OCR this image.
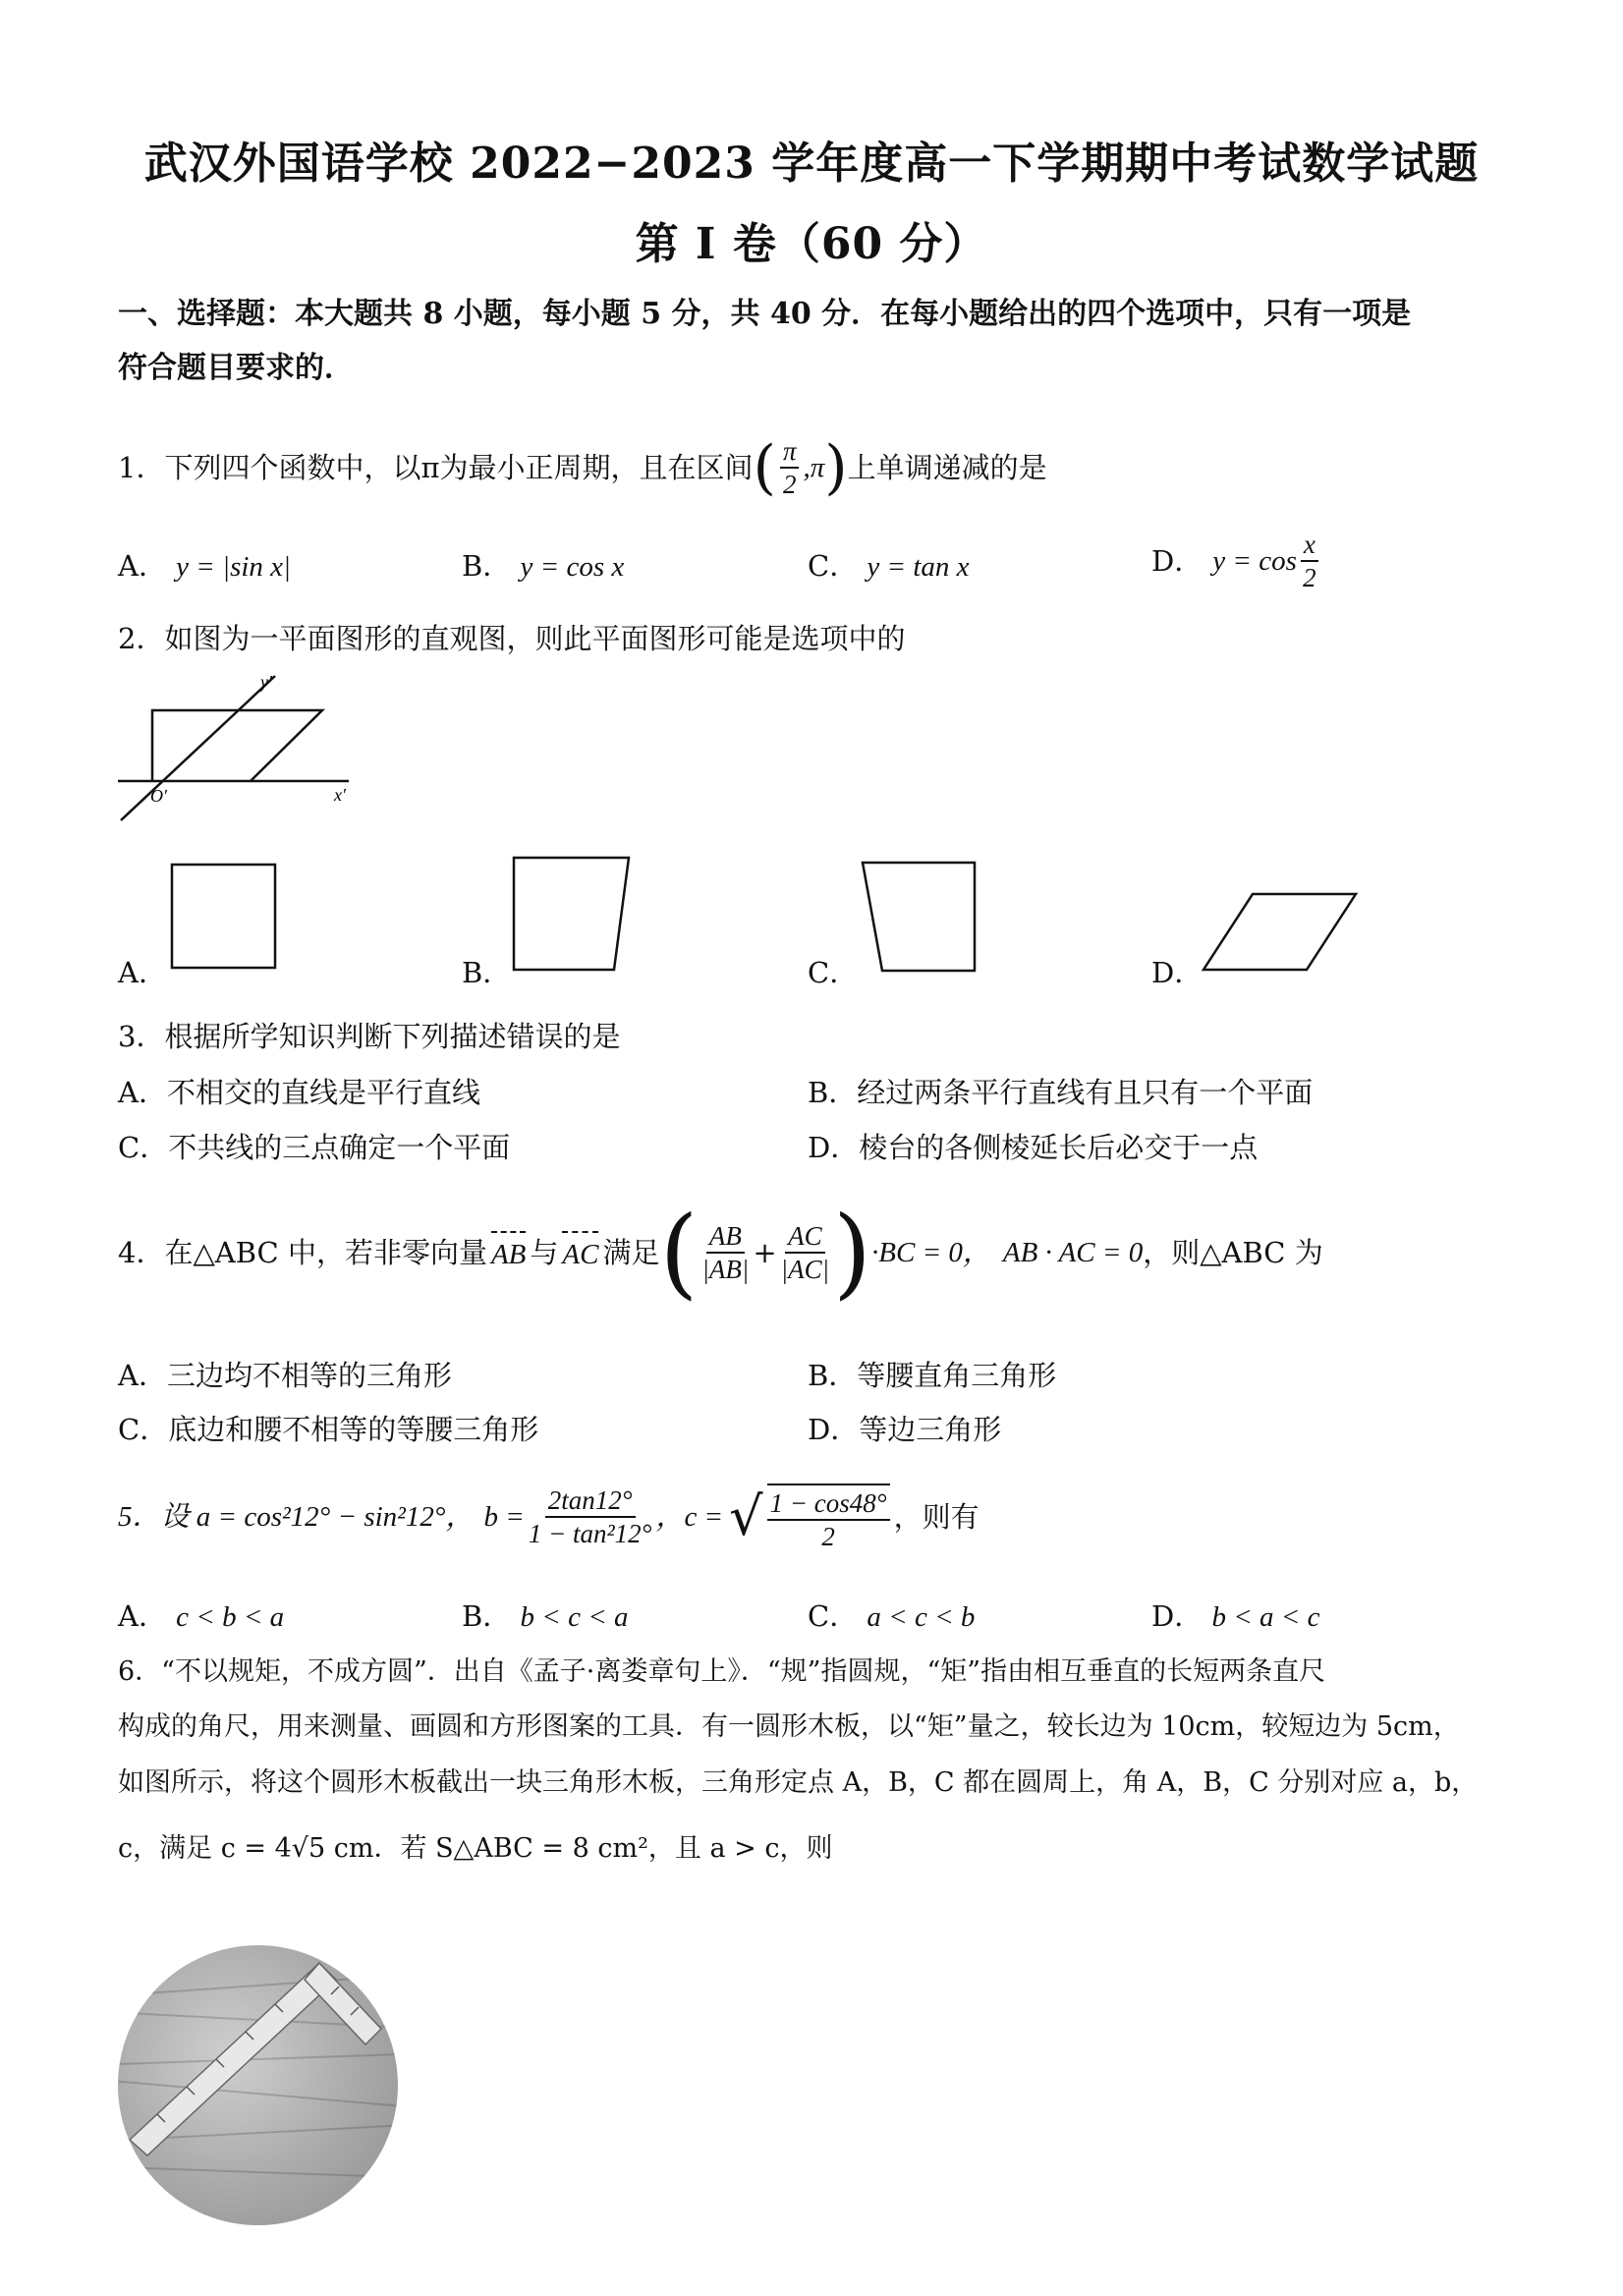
武汉外国语学校 2022−2023 学年度高一下学期期中考试数学试题
第 I 卷（60 分）
一、选择题：本大题共 8 小题，每小题 5 分，共 40 分．在每小题给出的四个选项中，只有一项是
符合题目要求的．
1．下列四个函数中，以π为最小正周期，且在区间 ( $\frac{\pi}{2} ,\pi$ ) 上单调递减的是
A． y = |sin x|	B． y = cos x	C． y = tan x	D． $y = \cos \frac{x}{2}$
2．如图为一平面图形的直观图，则此平面图形可能是选项中的
x′
y′
O′
A．	B．	C．	D．
3．根据所学知识判断下列描述错误的是
A．不相交的直线是平行直线	B．经过两条平行直线有且只有一个平面
C．不共线的三点确定一个平面	D．棱台的各侧棱延长后必交于一点
4．在△ABC 中，若非零向量 AB 与 AC 满足 ( $\frac{AB}{|AB|} + \frac{AC}{|AC|}$ ) ·BC = 0， AB · AC = 0 ，则△ABC 为
A．三边均不相等的三角形	B．等腰直角三角形
C．底边和腰不相等的等腰三角形	D．等边三角形
5．设 a = cos²12° − sin²12°， $b = \frac{2\tan 12^\circ}{\text{1 − tan²12°}}$ ，c = √ $\frac{1 - \cos 48^\circ}{2}$ ，则有
A． c < b < a	B． b < c < a	C． a < c < b	D． b < a < c
6．“不以规矩，不成方圆”．出自《孟子·离娄章句上》．“规”指圆规，“矩”指由相互垂直的长短两条直尺
构成的角尺，用来测量、画圆和方形图案的工具．有一圆形木板，以“矩”量之，较长边为 10cm，较短边为 5cm，
如图所示，将这个圆形木板截出一块三角形木板，三角形定点 A，B，C 都在圆周上，角 A，B，C 分别对应 a，b，
c，满足 c = 4√5 cm．若 S△ABC = 8 cm²，且 a > c，则
